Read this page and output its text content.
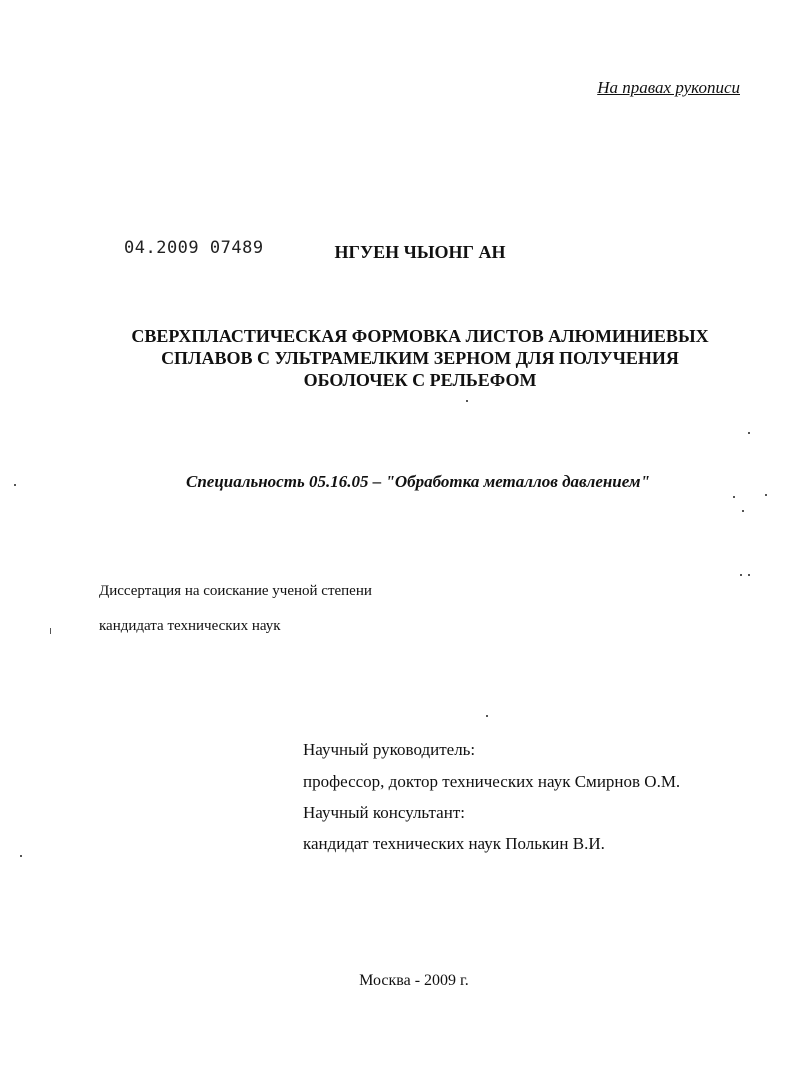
На правах рукописи
04.2009 07489	НГУЕН ЧЫОНГ АН
СВЕРХПЛАСТИЧЕСКАЯ ФОРМОВКА ЛИСТОВ АЛЮМИНИЕВЫХ
СПЛАВОВ С УЛЬТРАМЕЛКИМ ЗЕРНОМ ДЛЯ ПОЛУЧЕНИЯ
ОБОЛОЧЕК С РЕЛЬЕФОМ
Специальность 05.16.05 – "Обработка металлов давлением"
Диссертация на соискание ученой степени
кандидата технических наук
Научный руководитель:
профессор, доктор технических наук Смирнов О.М.
Научный консультант:
кандидат технических наук Полькин В.И.
Москва - 2009 г.
